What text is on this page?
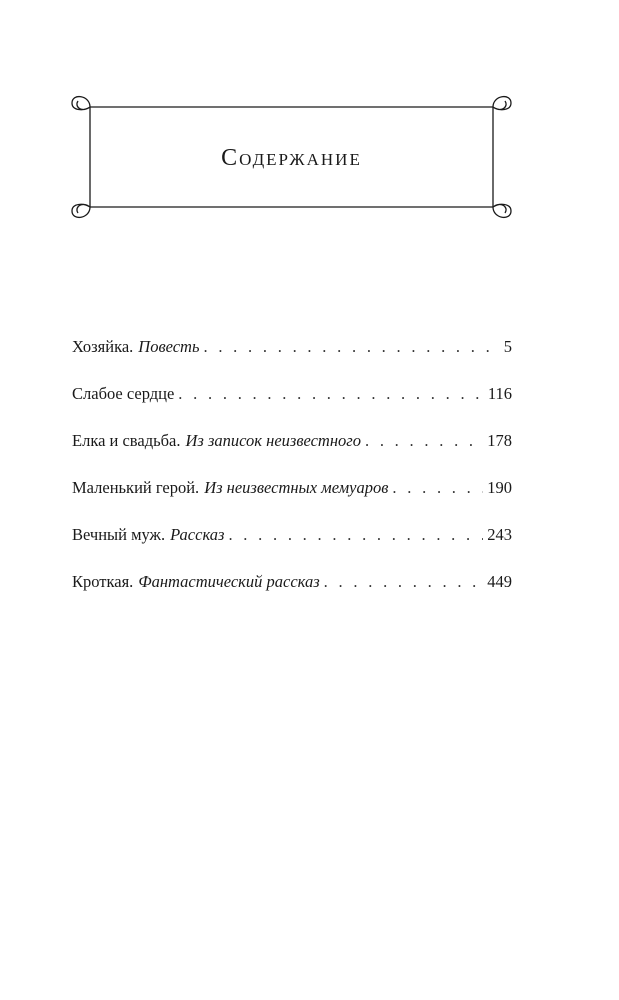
Содержание
Хозяйка. Повесть . . .	5
Слабое сердце . . .	116
Елка и свадьба. Из записок неизвестного . . .	178
Маленький герой. Из неизвестных мемуаров . . .	190
Вечный муж. Рассказ . . .	243
Кроткая. Фантастический рассказ . . .	449
